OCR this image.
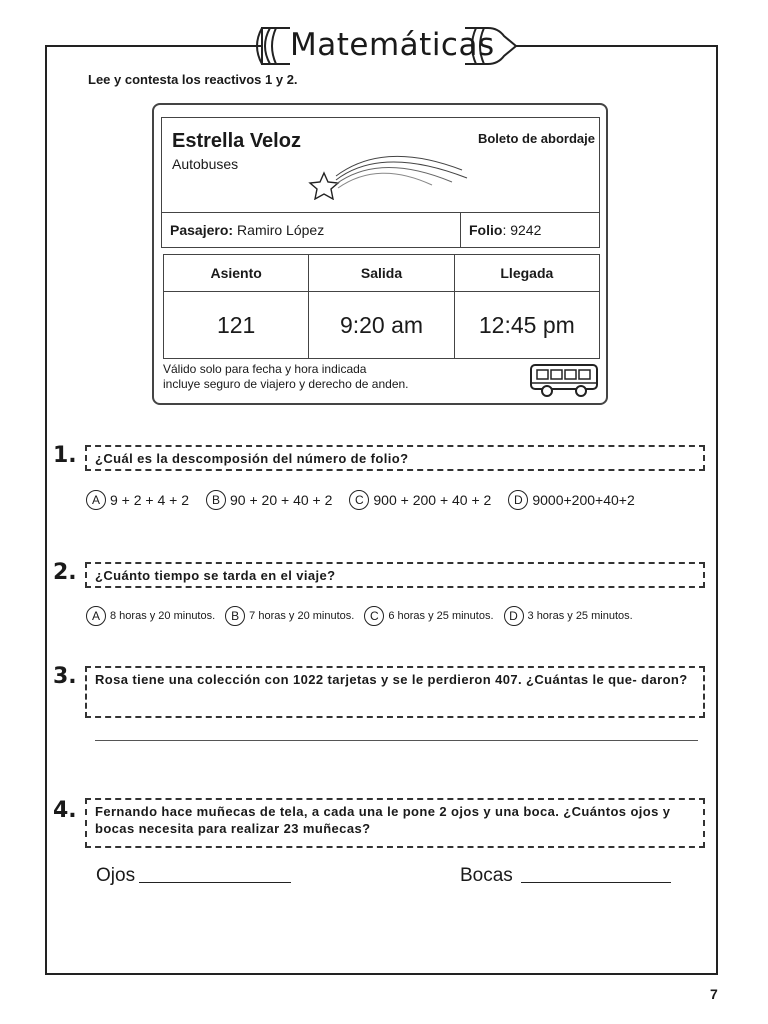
Matemáticas
Lee y contesta los reactivos 1 y 2.
Estrella Veloz
Autobuses
Boleto de abordaje
Pasajero: Ramiro López	Folio : 9242
Asiento	Salida	Llegada
121	9:20 am	12:45 pm
Válido solo para fecha y hora indicada
incluye seguro de viajero y derecho de anden.
1.	¿Cuál es la descomposión del número de folio?
A 9 + 2 + 4 + 2	B 90 + 20 + 40 + 2	C 900 + 200 + 40 + 2	D 9000+200+40+2
2.	¿Cuánto tiempo se tarda en el viaje?
A 8 horas y 20 minutos.	B 7 horas y 20 minutos.	C 6 horas y 25 minutos.	D 3 horas y 25 minutos.
3.	Rosa tiene una colección con 1022 tarjetas y se le perdieron 407. ¿Cuántas le que- daron?
4.	Fernando hace muñecas de tela, a cada una le pone 2 ojos y una boca. ¿Cuántos ojos y bocas necesita para realizar 23 muñecas?
Ojos	Bocas
7
